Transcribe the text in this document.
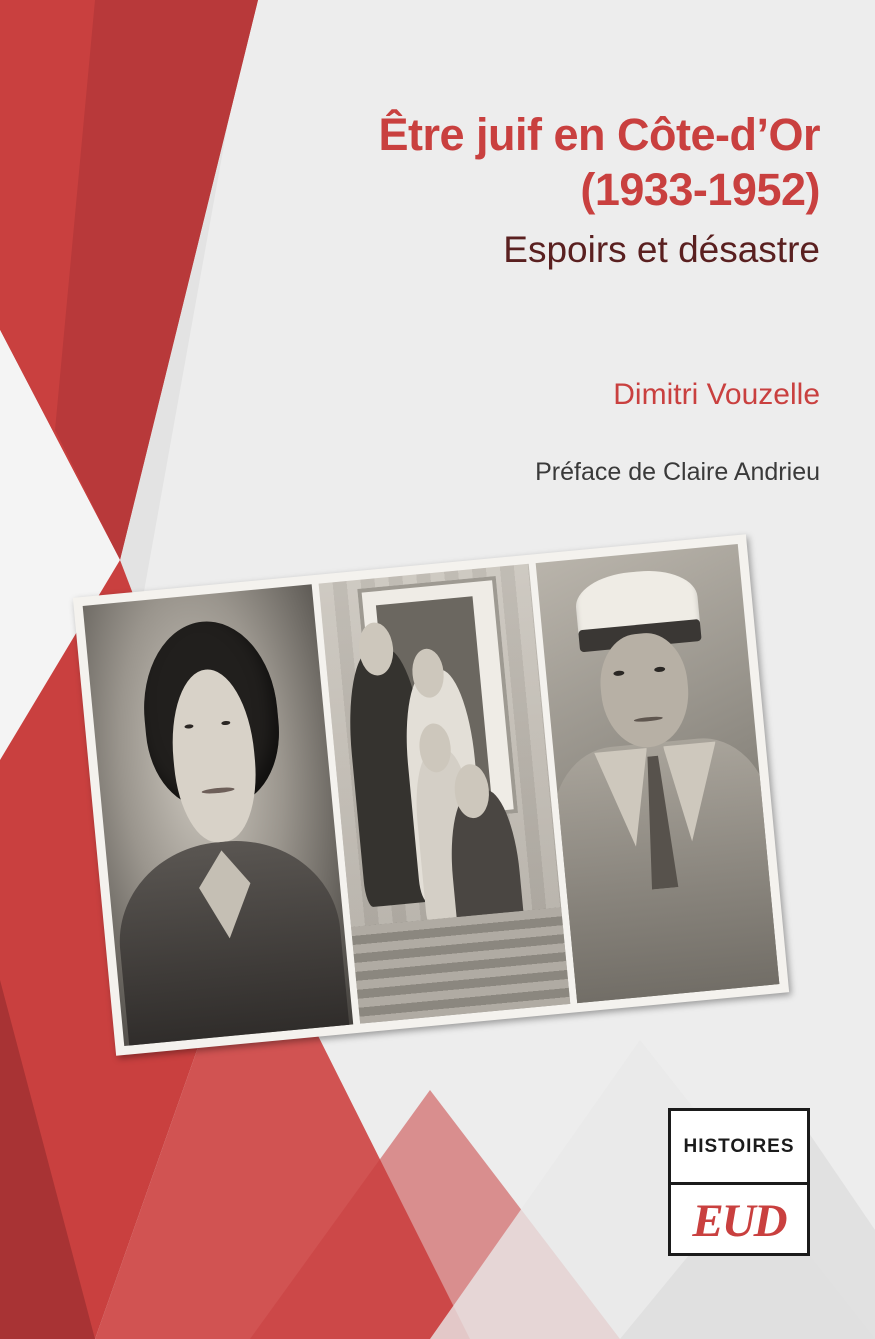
Être juif en Côte-d’Or
(1933-1952)
Espoirs et désastre
Dimitri Vouzelle
Préface de Claire Andrieu
HISTOIRES
EUD
